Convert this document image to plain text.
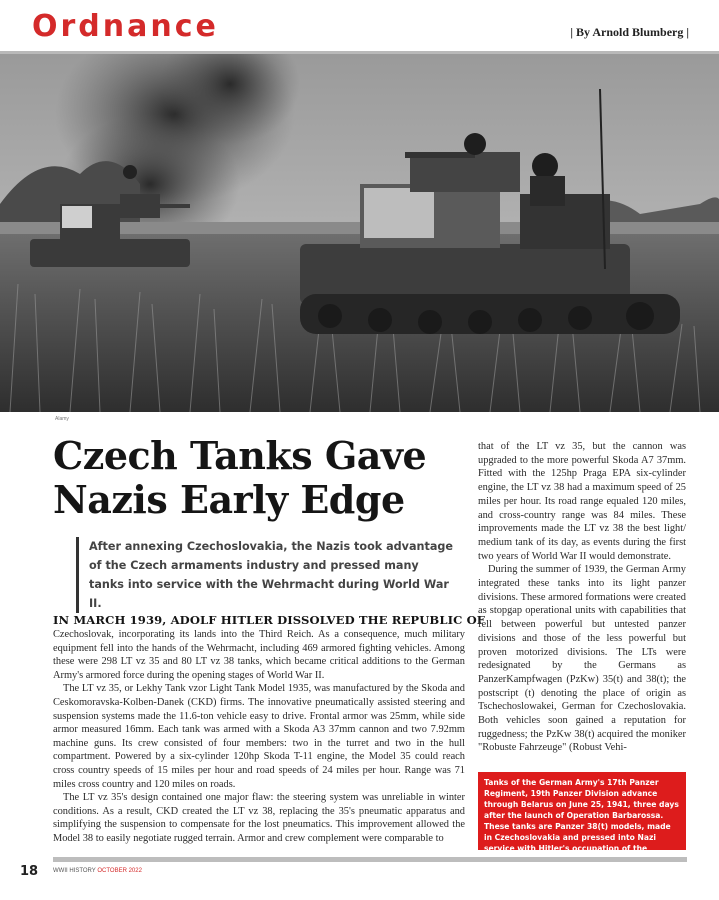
Ordnance	| By Arnold Blumberg |
Alamy
Czech Tanks Gave
Nazis Early Edge
After annexing Czechoslovakia, the Nazis took advantage of the Czech armaments industry and pressed many tanks into service with the Wehrmacht during World War II.
IN MARCH 1939, ADOLF HITLER DISSOLVED THE REPUBLIC OF

Czechoslovak, incorporating its lands into the Third Reich. As a consequence, much military equipment fell into the hands of the Wehrmacht, including 469 armored fighting vehicles. Among these were 298 LT vz 35 and 80 LT vz 38 tanks, which became critical additions to the German Army's armored force during the opening stages of World War II.

The LT vz 35, or Lekhy Tank vzor Light Tank Model 1935, was manufactured by the Skoda and Ceskomoravska-Kolben-Danek (CKD) firms. The innovative pneumatically assisted steering and suspension systems made the 11.6-ton vehicle easy to drive. Frontal armor was 25mm, while side armor measured 16mm. Each tank was armed with a Skoda A3 37mm cannon and two 7.92mm machine guns. Its crew consisted of four members: two in the turret and two in the hull compartment. Powered by a six-cylinder 120hp Skoda T-11 engine, the Model 35 could reach cross country speeds of 15 miles per hour and road speeds of 24 miles per hour. Range was 71 miles cross country and 120 miles on roads.

The LT vz 35's design contained one major flaw: the steering system was unreliable in winter conditions. As a result, CKD created the LT vz 38, replacing the 35's pneumatic apparatus and simplifying the suspension to compensate for the lost pneumatics. This improvement allowed the Model 38 to easily negotiate rugged terrain. Armor and crew complement were comparable to

that of the LT vz 35, but the cannon was upgraded to the more powerful Skoda A7 37mm. Fitted with the 125hp Praga EPA six-cylinder engine, the LT vz 38 had a maximum speed of 25 miles per hour. Its road range equaled 120 miles, and cross-country range was 84 miles. These improvements made the LT vz 38 the best light/ medium tank of its day, as events during the first two years of World War II would demonstrate.

During the summer of 1939, the German Army integrated these tanks into its light panzer divisions. These armored formations were created as stopgap operational units with capabilities that fell between powerful but untested panzer divisions and those of the less powerful but proven motorized divisions. The LTs were redesignated by the Germans as PanzerKampfwagen (PzKw) 35(t) and 38(t); the postscript (t) denoting the place of origin as Tschechoslowakei, German for Czechoslovakia. Both vehicles soon gained a reputation for ruggedness; the PzKw 38(t) acquired the moniker "Robuste Fahrzeuge" (Robust Vehi-

Tanks of the German Army's 17th Panzer Regiment, 19th Panzer Division advance through Belarus on June 25, 1941, three days after the launch of Operation Barbarossa. These tanks are Panzer 38(t) models, made in Czechoslovakia and pressed into Nazi service with Hitler's occupation of the
18 WWII HISTORY OCTOBER 2022
